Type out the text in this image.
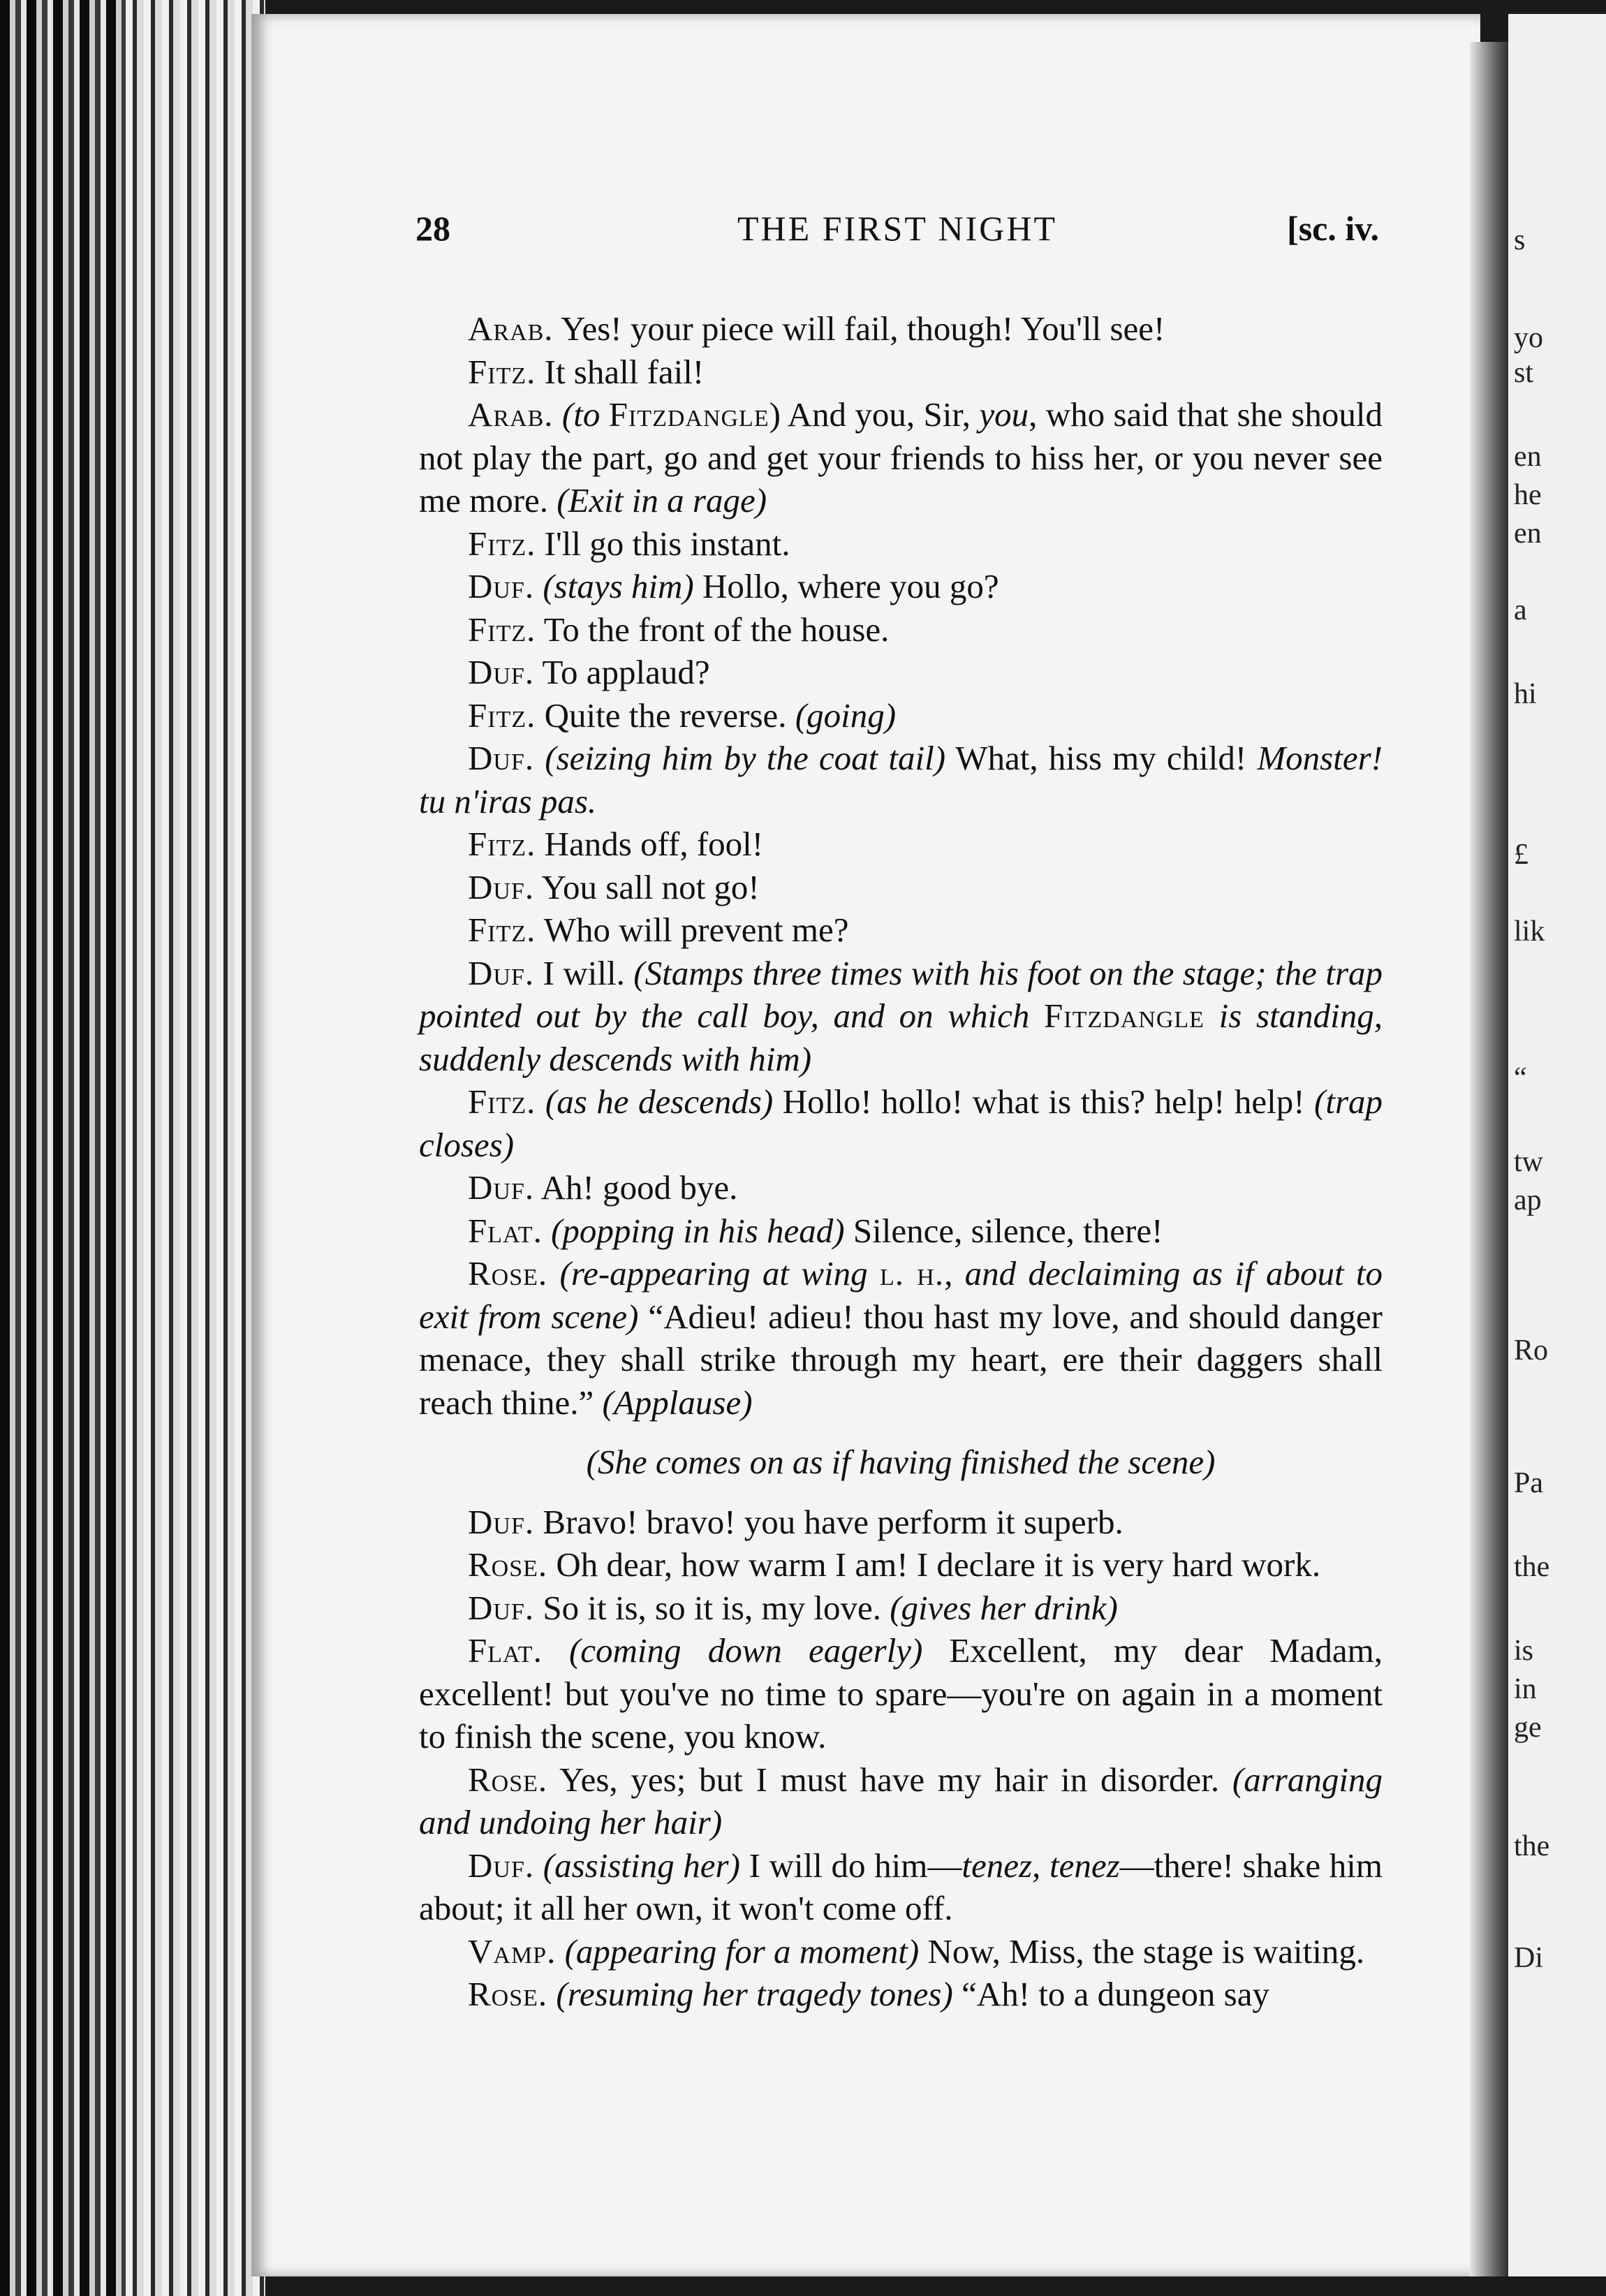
28	THE FIRST NIGHT	[sc. iv.

Arab. Yes! your piece will fail, though! You'll see!

Fitz. It shall fail!

Arab. (to Fitzdangle) And you, Sir, you, who said that she should not play the part, go and get your friends to hiss her, or you never see me more. (Exit in a rage)

Fitz. I'll go this instant.

Duf. (stays him) Hollo, where you go?

Fitz. To the front of the house.

Duf. To applaud?

Fitz. Quite the reverse. (going)

Duf. (seizing him by the coat tail) What, hiss my child! Monster! tu n'iras pas.

Fitz. Hands off, fool!

Duf. You sall not go!

Fitz. Who will prevent me?

Duf. I will. (Stamps three times with his foot on the stage; the trap pointed out by the call boy, and on which Fitzdangle is standing, suddenly descends with him)

Fitz. (as he descends) Hollo! hollo! what is this? help! help! (trap closes)

Duf. Ah! good bye.

Flat. (popping in his head) Silence, silence, there!

Rose. (re-appearing at wing l. h., and declaiming as if about to exit from scene) “Adieu! adieu! thou hast my love, and should danger menace, they shall strike through my heart, ere their daggers shall reach thine.” (Applause)

(She comes on as if having finished the scene)

Duf. Bravo! bravo! you have perform it superb.

Rose. Oh dear, how warm I am! I declare it is very hard work.

Duf. So it is, so it is, my love. (gives her drink)

Flat. (coming down eagerly) Excellent, my dear Madam, excellent! but you've no time to spare—you're on again in a moment to finish the scene, you know.

Rose. Yes, yes; but I must have my hair in disorder. (arranging and undoing her hair)

Duf. (assisting her) I will do him—tenez, tenez—there! shake him about; it all her own, it won't come off.

Vamp. (appearing for a moment) Now, Miss, the stage is waiting.

Rose. (resuming her tragedy tones) “Ah! to a dungeon say

s
yo
st
en
he
en
a
hi
£
lik
“
tw
ap
Ro
Pa
the
is
in
ge
the
Di
